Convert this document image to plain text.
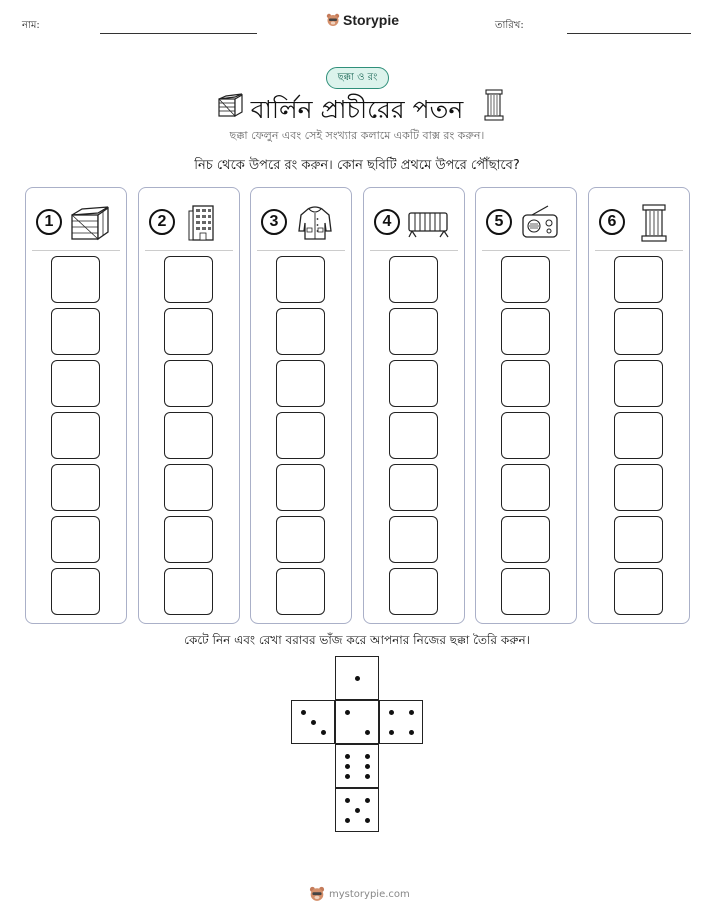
নাম:	Storypie	তারিখ:
ছক্কা ও রং
বার্লিন প্রাচীরের পতন
ছক্কা ফেলুন এবং সেই সংখ্যার কলামে একটি বাক্স রং করুন।
নিচ থেকে উপরে রং করুন। কোন ছবিটি প্রথমে উপরে পৌঁছাবে?
1	2	3	4	5	6
কেটে নিন এবং রেখা বরাবর ভাঁজ করে আপনার নিজের ছক্কা তৈরি করুন।
mystorypie.com
